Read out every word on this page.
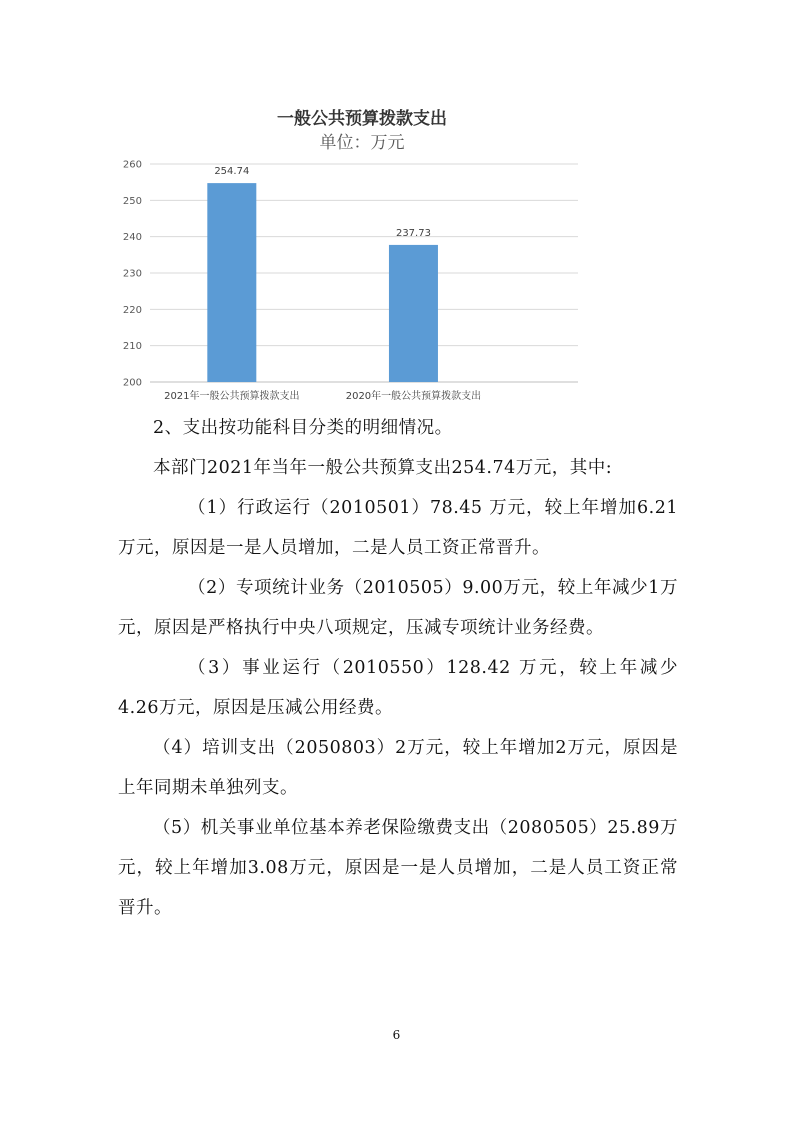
一般公共预算拨款支出
单位：万元
200
210
220
230
240
250
260
254.74
2021年一般公共预算拨款支出
237.73
2020年一般公共预算拨款支出

2、支出按功能科目分类的明细情况。

本部门2021年当年一般公共预算支出254.74万元，其中:

（1）行政运行（2010501）78.45 万元，较上年增加6.21万元，原因是一是人员增加，二是人员工资正常晋升。

（2）专项统计业务（2010505）9.00万元，较上年减少1万元，原因是严格执行中央八项规定，压减专项统计业务经费。

（3）事业运行（2010550）128.42 万元，较上年减少4.26万元，原因是压减公用经费。

（4）培训支出（2050803）2万元，较上年增加2万元，原因是上年同期未单独列支。

（5）机关事业单位基本养老保险缴费支出（2080505）25.89万元，较上年增加3.08万元，原因是一是人员增加，二是人员工资正常晋升。

6
